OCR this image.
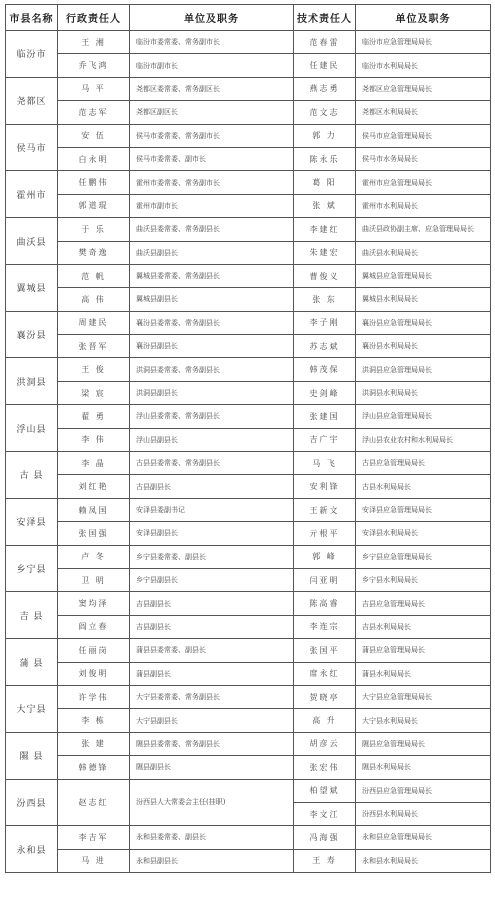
市县名称	行政责任人	单位及职务	技术责任人	单位及职务
临汾市	王 湘	临汾市委常委、常务副市长	范春雷	临汾市应急管理局局长
	乔飞鸿	临汾市副市长	任建民	临汾市水利局局长
尧都区	马 平	尧都区委常委、常务副区长	燕志勇	尧都区应急管理局局长
	范志军	尧都区副区长	范文志	尧都区水利局局长
侯马市	安 伍	侯马市委常委、常务副市长	郭 力	侯马市应急管理局局长
	白永明	侯马市委常委、副市长	陈永乐	侯马市水务局局长
霍州市	任鹏伟	霍州市委常委、常务副市长	葛 阳	霍州市应急管理局局长
	郭道琨	霍州市副市长	张 斌	霍州市水利局局长
曲沃县	于 乐	曲沃县委常委、常务副县长	李建红	曲沃县政协副主席、应急管理局局长
	樊奇逸	曲沃县副县长	朱建宏	曲沃县水利局局长
翼城县	范 帆	翼城县委常委、常务副县长	曹俊义	翼城县应急管理局局长
	高 伟	翼城县副县长	张 东	翼城县水利局局长
襄汾县	周建民	襄汾县委常委、常务副县长	李子刚	襄汾县应急管理局局长
	张晋军	襄汾县副县长	苏志斌	襄汾县水利局局长
洪洞县	王 俊	洪洞县委常委、常务副县长	韩茂保	洪洞县应急管理局局长
	梁 宸	洪洞县副县长	史剑峰	洪洞县水利局局长
浮山县	翟 勇	浮山县委常委、常务副县长	张建国	浮山县应急管理局局长
	李 伟	浮山县副县长	吉广宇	浮山县农业农村和水利局局长
古 县	李 晶	古县县委常委、常务副县长	马 飞	古县应急管理局局长
	刘红艳	古县副县长	安利锋	古县水利局局长
安泽县	赖凤国	安泽县委副书记	王新文	安泽县应急管理局局长
	张国强	安泽县副县长	亓根平	安泽县水利局局长
乡宁县	卢 冬	乡宁县委常委、副县长	郭 峰	乡宁县应急管理局局长
	卫 明	乡宁县副县长	闫亚明	乡宁县水利局局长
吉 县	窦均泽	吉县副县长	陈高睿	吉县应急管理局局长
	阎立春	吉县副县长	李连宗	吉县水利局局长
蒲 县	任丽岗	蒲县县委常委、副县长	张国平	蒲县应急管理局局长
	刘俊明	蒲县副县长	席永红	蒲县水利局局长
大宁县	许学伟	大宁县委常委、常务副县长	贺晓亭	大宁县应急管理局局长
	李 栋	大宁县副县长	高 升	大宁县水利局局长
隰 县	张 建	隰县县委常委、常务副县长	胡彦云	隰县应急管理局局长
	韩德锋	隰县副县长	张宏伟	隰县水利局局长
汾西县	赵志红	汾西县人大常委会主任(挂职)	柏望斌	汾西县应急管理局局长
			李文江	汾西县水利局局长
永和县	李吉军	永和县委常委、副县长	冯海强	永和县应急管理局局长
	马 进	永和县副县长	王 寿	永和县水利局局长
